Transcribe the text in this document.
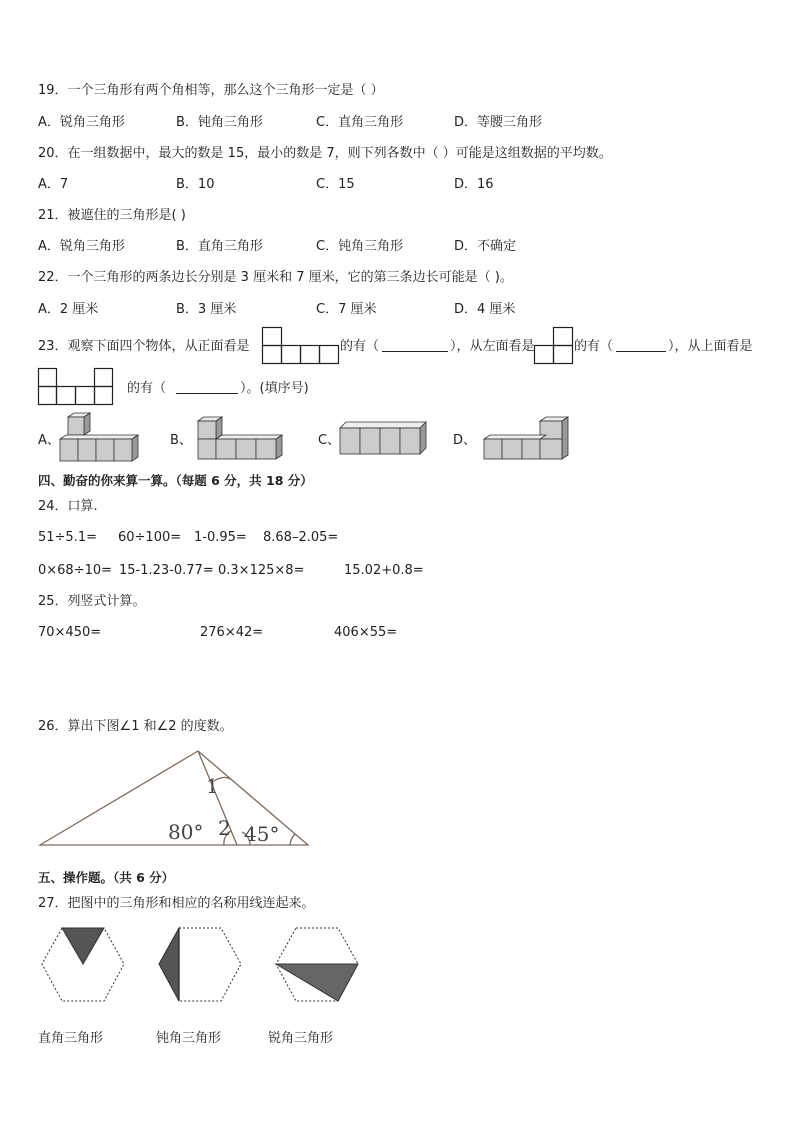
19．一个三角形有两个角相等，那么这个三角形一定是（ ）
A．锐角三角形	B．钝角三角形	C．直角三角形	D．等腰三角形
20．在一组数据中，最大的数是 15，最小的数是 7，则下列各数中（ ）可能是这组数据的平均数。
A．7	B．10	C．15	D．16
21．被遮住的三角形是( )
A．锐角三角形	B．直角三角形	C．钝角三角形	D．不确定
22．一个三角形的两条边长分别是 3 厘米和 7 厘米，它的第三条边长可能是（ )。
A．2 厘米	B．3 厘米	C．7 厘米	D．4 厘米
23．观察下面四个物体，从正面看是	的有（	），从左面看是	的有（	），从上面看是
的有（	）。(填序号)
A、	B、	C、	D、
四、勤奋的你来算一算。（每题 6 分，共 18 分）
24．口算.
51÷5.1= 60÷100= 1-0.95= 8.68–2.05=
0×68÷10= 15-1.23-0.77= 0.3×125×8=	15.02+0.8=
25．列竖式计算。
70×450=	276×42=	406×55=
26．算出下图∠1 和∠2 的度数。
1
2
80° 45°
五、操作题。（共 6 分）
27．把图中的三角形和相应的名称用线连起来。
直角三角形	钝角三角形	锐角三角形
